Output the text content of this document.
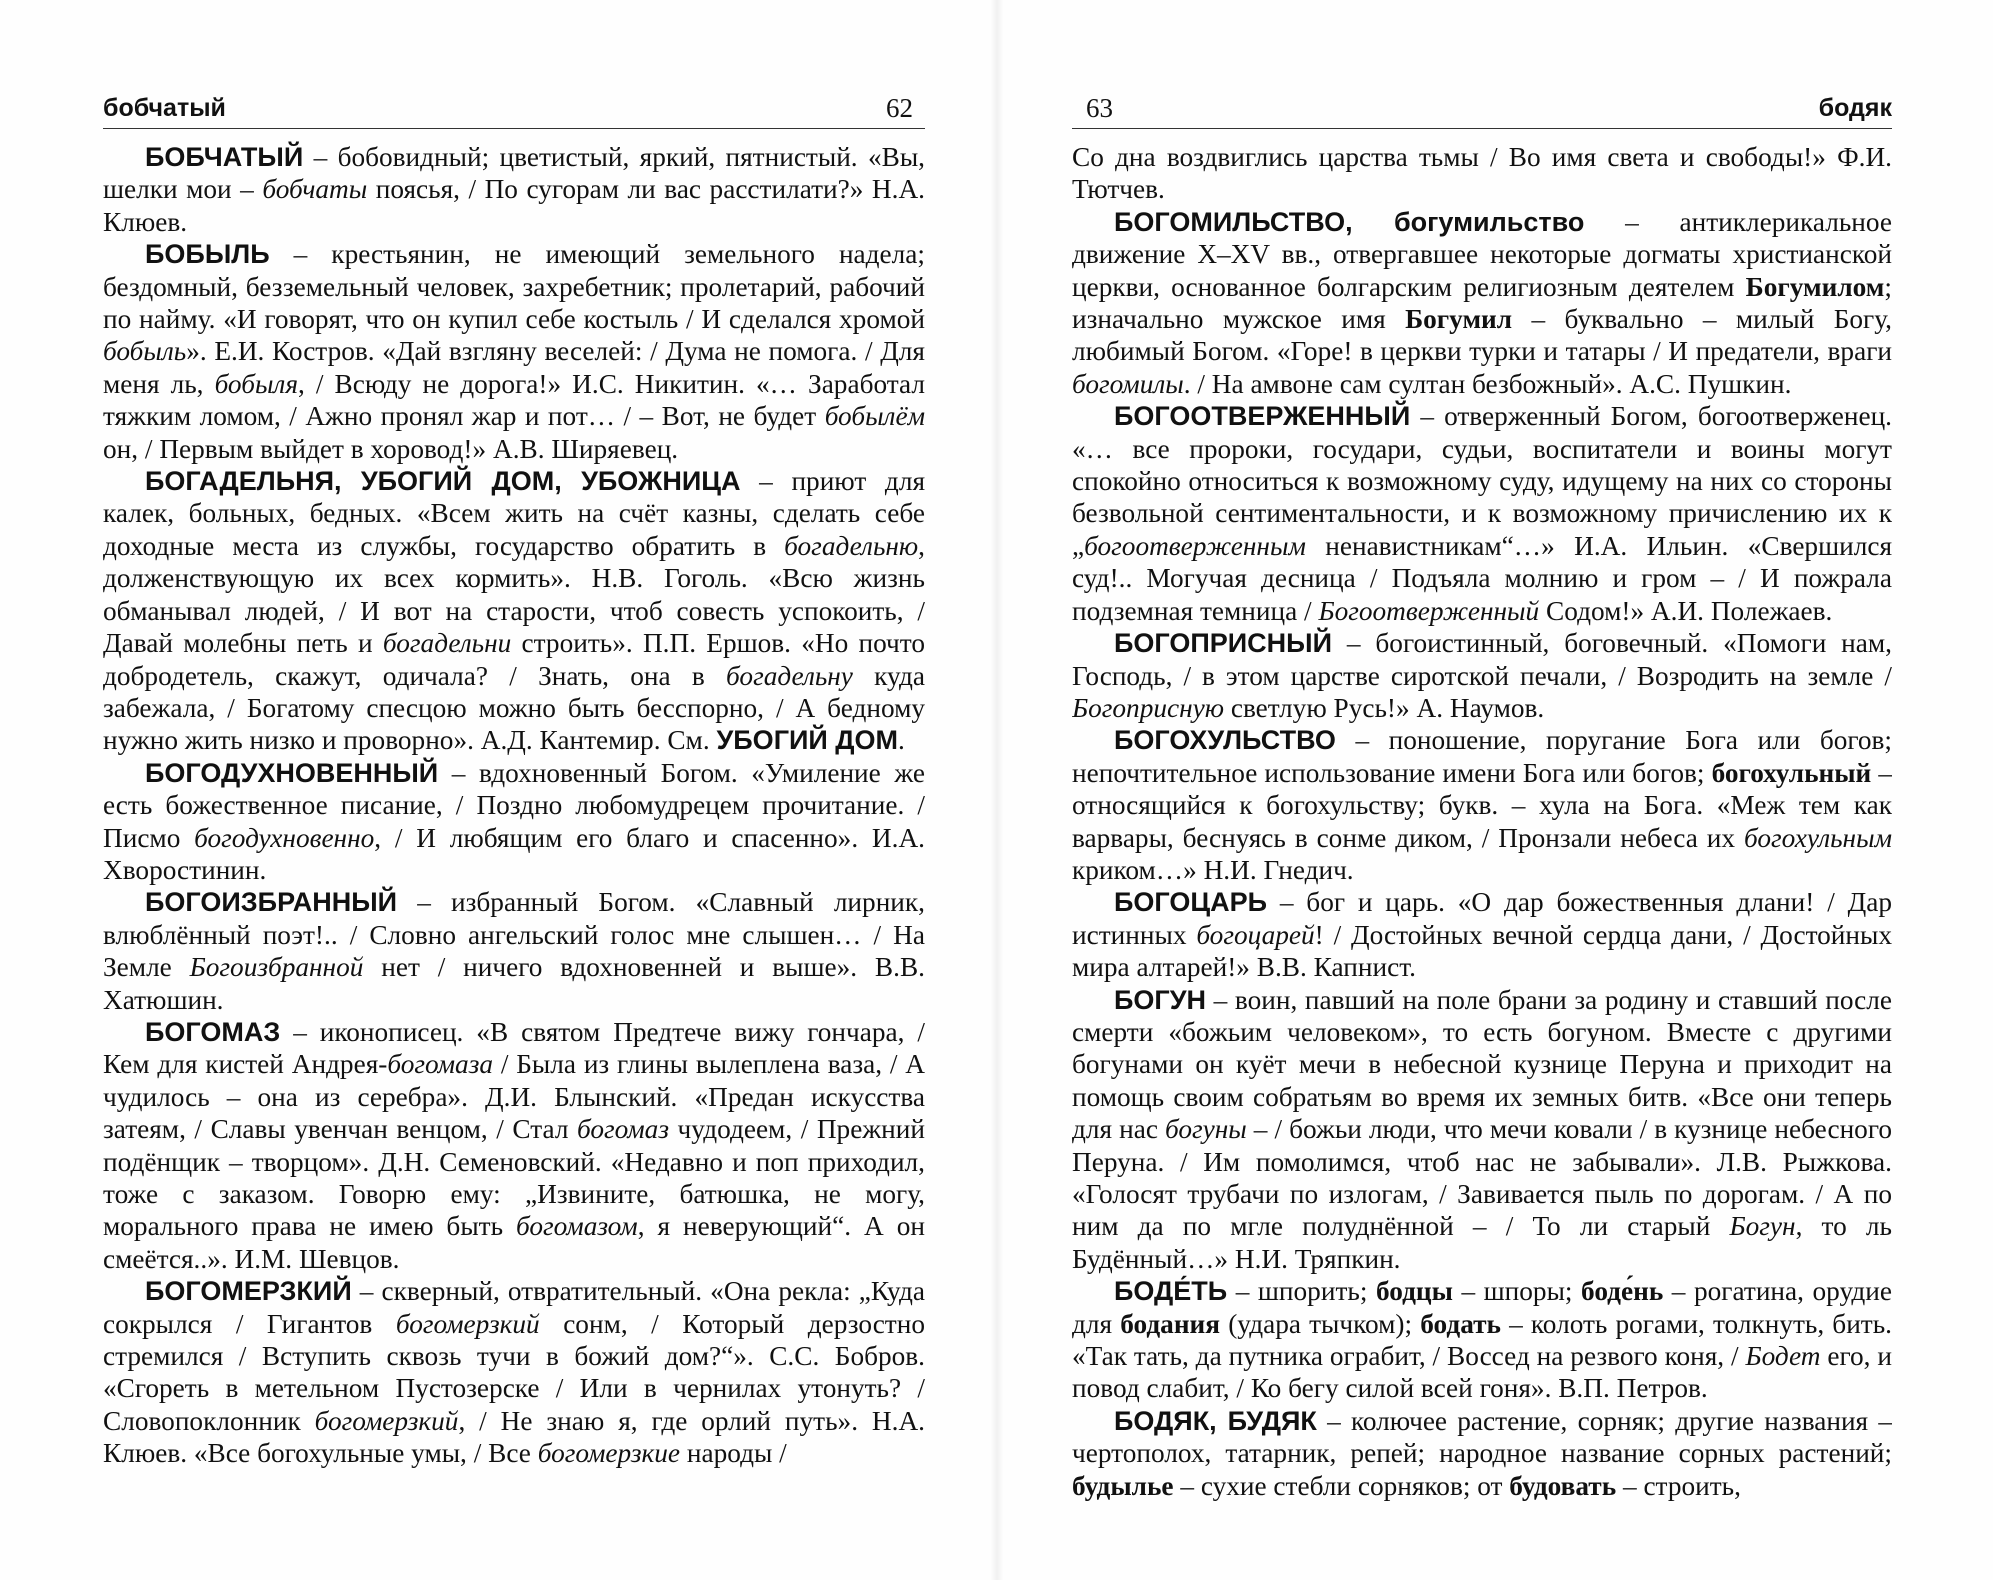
бобчатый	62

БОБЧАТЫЙ – бобовидный; цветистый, яркий, пятнистый. «Вы, шелки мои – бобчаты поясья, / По сугорам ли вас расстилати?» Н.А. Клюев.

БОБЫЛЬ – крестьянин, не имеющий земельного надела; бездомный, безземельный человек, захребетник; пролетарий, рабочий по найму. «И говорят, что он купил себе костыль / И сделался хромой бобыль». Е.И. Костров. «Дай взгляну веселей: / Дума не помога. / Для меня ль, бобыля, / Всюду не дорога!» И.С. Никитин. «… Заработал тяжким ломом, / Ажно пронял жар и пот… / – Вот, не будет бобылём он, / Первым выйдет в хоровод!» А.В. Ширяевец.

БОГАДЕЛЬНЯ, УБОГИЙ ДОМ, УБОЖНИЦА – приют для калек, больных, бедных. «Всем жить на счёт казны, сделать себе доходные места из службы, государство обратить в богадельню, долженствующую их всех кормить». Н.В. Гоголь. «Всю жизнь обманывал людей, / И вот на старости, чтоб совесть успокоить, / Давай молебны петь и богадельни строить». П.П. Ершов. «Но почто добродетель, скажут, одичала? / Знать, она в богадельну куда забежала, / Богатому спесцою можно быть бесспорно, / А бедному нужно жить низко и проворно». А.Д. Кантемир. См. УБОГИЙ ДОМ.

БОГОДУХНОВЕННЫЙ – вдохновенный Богом. «Умиление же есть божественное писание, / Поздно любомудрецем прочитание. / Писмо богодухновенно, / И любящим его благо и спасенно». И.А. Хворостинин.

БОГОИЗБРАННЫЙ – избранный Богом. «Славный лирник, влюблённый поэт!.. / Словно ангельский голос мне слышен… / На Земле Богоизбранной нет / ничего вдохновенней и выше». В.В. Хатюшин.

БОГОМАЗ – иконописец. «В святом Предтече вижу гончара, / Кем для кистей Андрея-богомаза / Была из глины вылеплена ваза, / А чудилось – она из серебра». Д.И. Блынский. «Предан искусства затеям, / Славы увенчан венцом, / Стал богомаз чудодеем, / Прежний подёнщик – творцом». Д.Н. Семеновский. «Недавно и поп приходил, тоже с заказом. Говорю ему: „Извините, батюшка, не могу, морального права не имею быть богомазом, я неверующий“. А он смеётся..». И.М. Шевцов.

БОГОМЕРЗКИЙ – скверный, отвратительный. «Она рекла: „Куда сокрылся / Гигантов богомерзкий сонм, / Который дерзостно стремился / Вступить сквозь тучи в божий дом?“». С.С. Бобров. «Сгореть в метельном Пустозерске / Или в чернилах утонуть? / Словопоклонник богомерзкий, / Не знаю я, где орлий путь». Н.А. Клюев. «Все богохульные умы, / Все богомерзкие народы /

63	бодяк

Со дна воздвиглись царства тьмы / Во имя света и свободы!» Ф.И. Тютчев.

БОГОМИЛЬСТВО, богумильство – антиклерикальное движение X–XV вв., отвергавшее некоторые догматы христианской церкви, основанное болгарским религиозным деятелем Богумилом; изначально мужское имя Богумил – буквально – милый Богу, любимый Богом. «Горе! в церкви турки и татары / И предатели, враги богомилы. / На амвоне сам султан безбожный». А.С. Пушкин.

БОГООТВЕРЖЕННЫЙ – отверженный Богом, богоотверженец. «… все пророки, государи, судьи, воспитатели и воины могут спокойно относиться к возможному суду, идущему на них со стороны безвольной сентиментальности, и к возможному причислению их к „богоотверженным ненавистникам“…» И.А. Ильин. «Свершился суд!.. Могучая десница / Подъяла молнию и гром – / И пожрала подземная темница / Богоотверженный Содом!» А.И. Полежаев.

БОГОПРИСНЫЙ – богоистинный, боговечный. «Помоги нам, Господь, / в этом царстве сиротской печали, / Возродить на земле / Богоприсную светлую Русь!» А. Наумов.

БОГОХУЛЬСТВО – поношение, поругание Бога или богов; непочтительное использование имени Бога или богов; богохульный – относящийся к богохульству; букв. – хула на Бога. «Меж тем как варвары, беснуясь в сонме диком, / Пронзали небеса их богохульным криком…» Н.И. Гнедич.

БОГОЦАРЬ – бог и царь. «О дар божественныя длани! / Дар истинных богоцарей! / Достойных вечной сердца дани, / Достойных мира алтарей!» В.В. Капнист.

БОГУН – воин, павший на поле брани за родину и ставший после смерти «божьим человеком», то есть богуном. Вместе с другими богунами он куёт мечи в небесной кузнице Перуна и приходит на помощь своим собратьям во время их земных битв. «Все они теперь для нас богуны – / божьи люди, что мечи ковали / в кузнице небесного Перуна. / Им помолимся, чтоб нас не забывали». Л.В. Рыжкова. «Голосят трубачи по излогам, / Завивается пыль по дорогам. / А по ним да по мгле полуднённой – / То ли старый Богун, то ль Будённый…» Н.И. Тряпкин.

БОДЕ́ТЬ – шпорить; бодцы – шпоры; боде́нь – рогатина, орудие для бодания (удара тычком); бодать – колоть рогами, толкнуть, бить. «Так тать, да путника ограбит, / Воссед на резвого коня, / Бодет его, и повод слабит, / Ко бегу силой всей гоня». В.П. Петров.

БОДЯК, БУДЯК – колючее растение, сорняк; другие названия – чертополох, татарник, репей; народное название сорных растений; будылье – сухие стебли сорняков; от будовать – строить,
